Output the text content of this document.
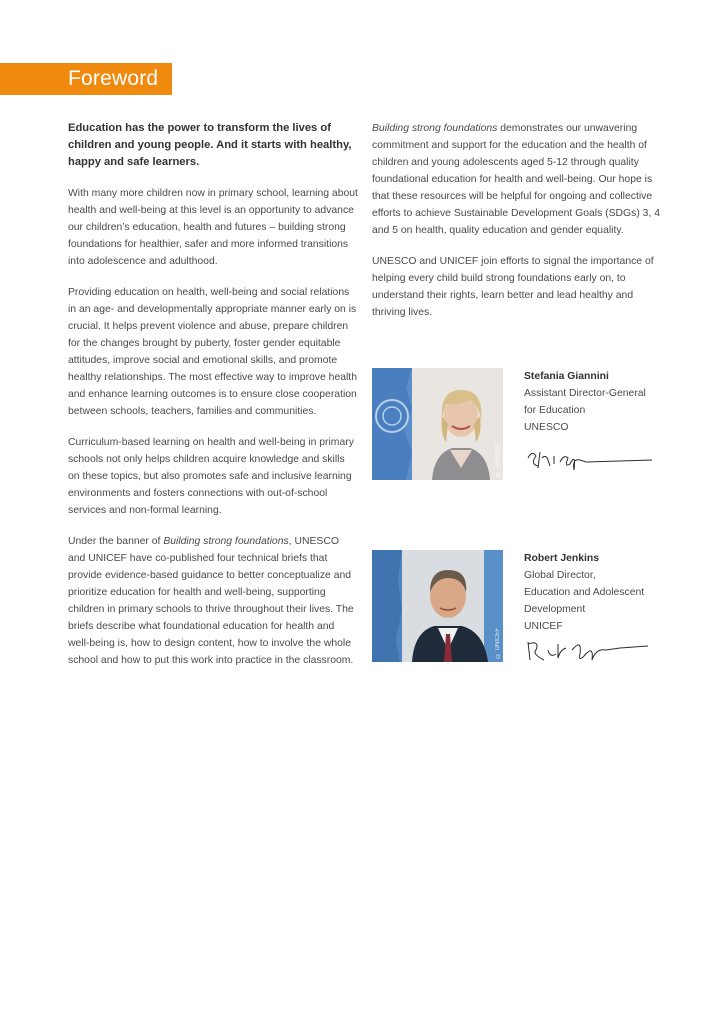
Foreword

Education has the power to transform the lives of children and young people. And it starts with healthy, happy and safe learners.

With many more children now in primary school, learning about health and well-being at this level is an opportunity to advance our children’s education, health and futures – building strong foundations for healthier, safer and more informed transitions into adolescence and adulthood.

Providing education on health, well-being and social relations in an age- and developmentally appropriate manner early on is crucial. It helps prevent violence and abuse, prepare children for the changes brought by puberty, foster gender equitable attitudes, improve social and emotional skills, and promote healthy relationships. The most effective way to improve health and enhance learning outcomes is to ensure close cooperation between schools, teachers, families and communities.

Curriculum-based learning on health and well-being in primary schools not only helps children acquire knowledge and skills on these topics, but also promotes safe and inclusive learning environments and fosters connections with out-of-school services and non-formal learning.

Under the banner of Building strong foundations, UNESCO and UNICEF have co-published four technical briefs that provide evidence-based guidance to better conceptualize and prioritize education for health and well-being, supporting children in primary schools to thrive throughout their lives. The briefs describe what foundational education for health and well-being is, how to design content, how to involve the whole school and how to put this work into practice in the classroom.

Building strong foundations demonstrates our unwavering commitment and support for the education and the health of children and young adolescents aged 5-12 through quality foundational education for health and well-being. Our hope is that these resources will be helpful for ongoing and collective efforts to achieve Sustainable Development Goals (SDGs) 3, 4 and 5 on health, quality education and gender equality.

UNESCO and UNICEF join efforts to signal the importance of helping every child build strong foundations early on, to understand their rights, learn better and lead healthy and thriving lives.

© UNESCO
Stefania Giannini
Assistant Director-General
for Education
UNESCO
© UNICEF
Robert Jenkins
Global Director,
Education and Adolescent
Development
UNICEF
